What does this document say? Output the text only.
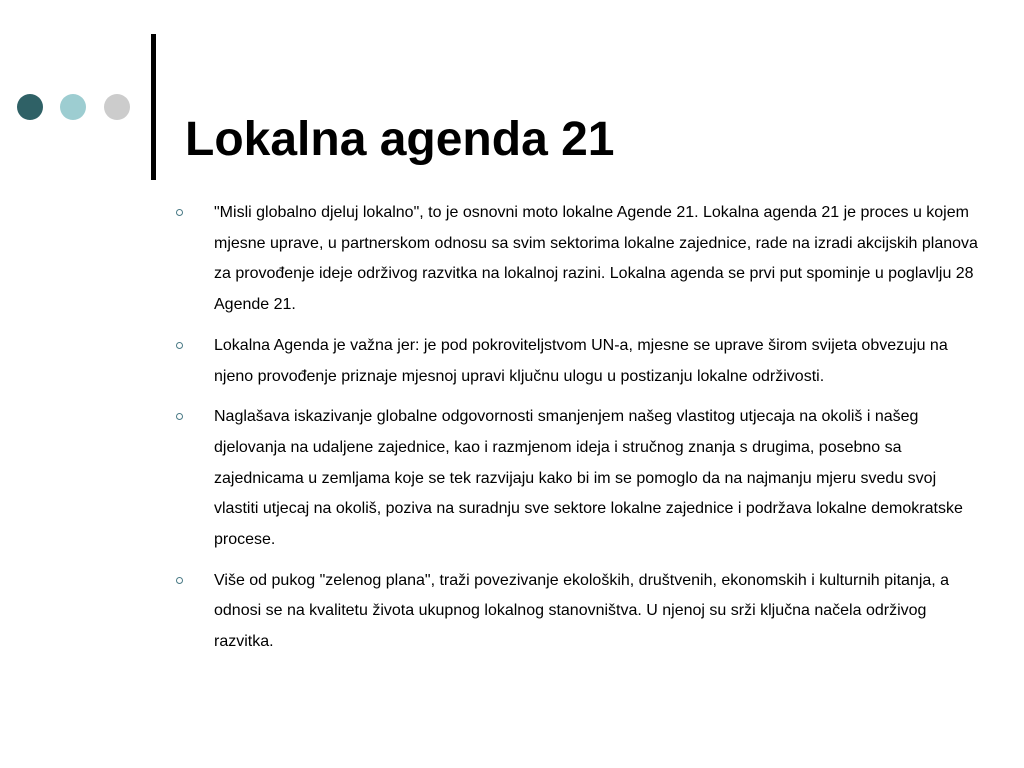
Lokalna agenda 21
"Misli globalno djeluj lokalno", to je osnovni moto lokalne Agende 21. Lokalna agenda 21 je proces u kojem mjesne uprave, u partnerskom odnosu sa svim sektorima lokalne zajednice, rade na izradi akcijskih planova za provođenje ideje održivog razvitka na lokalnoj razini. Lokalna agenda se prvi put spominje u poglavlju 28 Agende 21.
Lokalna Agenda je važna jer: je pod pokroviteljstvom UN-a, mjesne se uprave širom svijeta obvezuju na njeno provođenje priznaje mjesnoj upravi ključnu ulogu u postizanju lokalne održivosti.
Naglašava iskazivanje globalne odgovornosti smanjenjem našeg vlastitog utjecaja na okoliš i našeg djelovanja na udaljene zajednice, kao i razmjenom ideja i stručnog znanja s drugima, posebno sa zajednicama u zemljama koje se tek razvijaju kako bi im se pomoglo da na najmanju mjeru svedu svoj vlastiti utjecaj na okoliš, poziva na suradnju sve sektore lokalne zajednice i podržava lokalne demokratske procese.
Više od pukog "zelenog plana", traži povezivanje ekoloških, društvenih, ekonomskih i kulturnih pitanja, a odnosi se na kvalitetu života ukupnog lokalnog stanovništva. U njenoj su srži ključna načela održivog razvitka.
